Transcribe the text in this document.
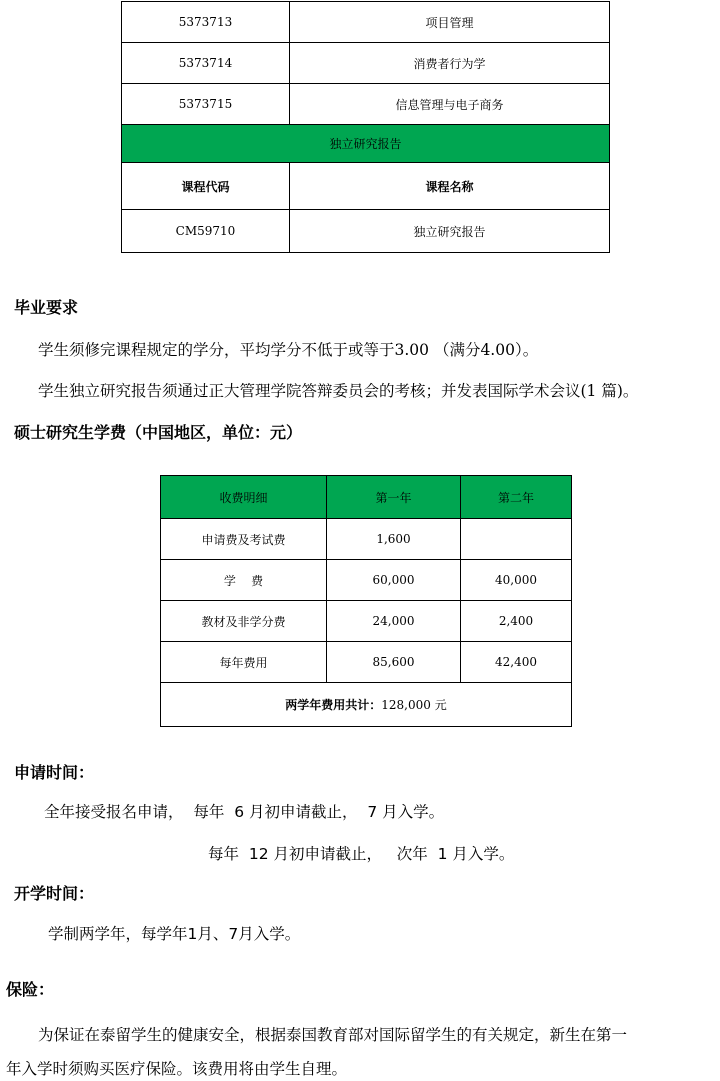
5373713	项目管理
5373714	消费者行为学
5373715	信息管理与电子商务
独立研究报告	
课程代码	课程名称
CM59710	独立研究报告
毕业要求
学生须修完课程规定的学分，平均学分不低于或等于3.00 （满分4.00）。
学生独立研究报告须通过正大管理学院答辩委员会的考核；并发表国际学术会议(1 篇)。
硕士研究生学费（中国地区，单位：元）
收费明细	第一年	第二年
申请费及考试费	1,600	
学    费	60,000	40,000
教材及非学分费	24,000	2,400
每年费用	85,600	42,400
两学年费用共计：128,000 元		
申请时间：
全年接受报名申请，  每年  6 月初申请截止，  7 月入学。
每年  12 月初申请截止，   次年  1 月入学。
开学时间：
学制两学年，每学年1月、7月入学。
保险：
为保证在泰留学生的健康安全，根据泰国教育部对国际留学生的有关规定，新生在第一
年入学时须购买医疗保险。该费用将由学生自理。
